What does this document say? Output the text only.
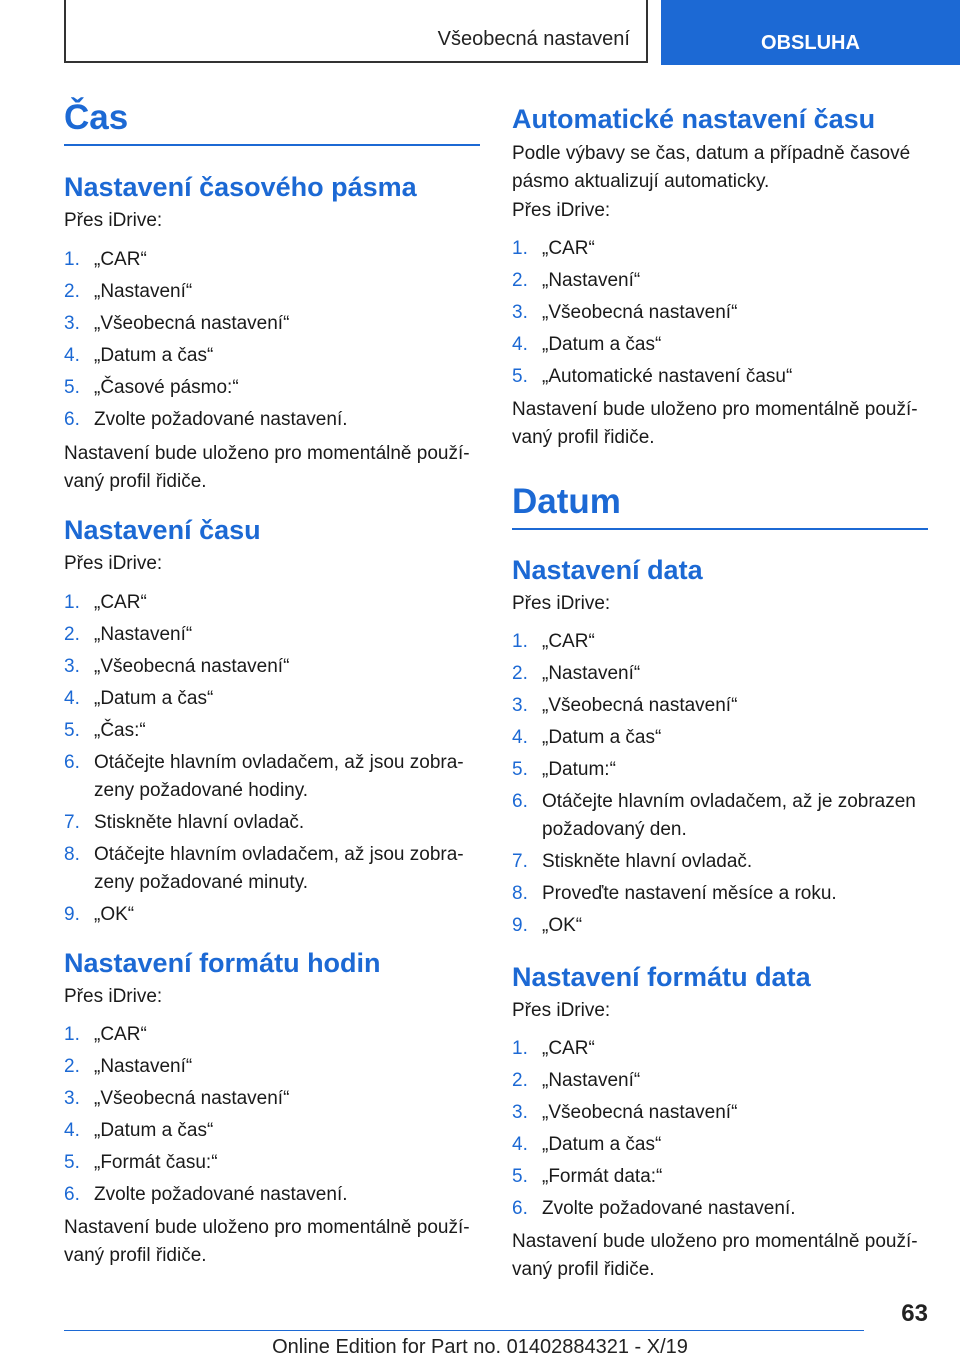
Všeobecná nastavení	OBSLUHA
Čas
Nastavení časového pásma
Přes iDrive:
1. „CAR“
2. „Nastavení“
3. „Všeobecná nastavení“
4. „Datum a čas“
5. „Časové pásmo:“
6. Zvolte požadované nastavení.
Nastavení bude uloženo pro momentálně použí‐vaný profil řidiče.
Nastavení času
Přes iDrive:
1. „CAR“
2. „Nastavení“
3. „Všeobecná nastavení“
4. „Datum a čas“
5. „Čas:“
6. Otáčejte hlavním ovladačem, až jsou zobra‐zeny požadované hodiny.
7. Stiskněte hlavní ovladač.
8. Otáčejte hlavním ovladačem, až jsou zobra‐zeny požadované minuty.
9. „OK“
Nastavení formátu hodin
Přes iDrive:
1. „CAR“
2. „Nastavení“
3. „Všeobecná nastavení“
4. „Datum a čas“
5. „Formát času:“
6. Zvolte požadované nastavení.
Nastavení bude uloženo pro momentálně použí‐vaný profil řidiče.
Automatické nastavení času
Podle výbavy se čas, datum a případně časové pásmo aktualizují automaticky.
Přes iDrive:
1. „CAR“
2. „Nastavení“
3. „Všeobecná nastavení“
4. „Datum a čas“
5. „Automatické nastavení času“
Nastavení bude uloženo pro momentálně použí‐vaný profil řidiče.
Datum
Nastavení data
Přes iDrive:
1. „CAR“
2. „Nastavení“
3. „Všeobecná nastavení“
4. „Datum a čas“
5. „Datum:“
6. Otáčejte hlavním ovladačem, až je zobrazen požadovaný den.
7. Stiskněte hlavní ovladač.
8. Proveďte nastavení měsíce a roku.
9. „OK“
Nastavení formátu data
Přes iDrive:
1. „CAR“
2. „Nastavení“
3. „Všeobecná nastavení“
4. „Datum a čas“
5. „Formát data:“
6. Zvolte požadované nastavení.
Nastavení bude uloženo pro momentálně použí‐vaný profil řidiče.
63
Online Edition for Part no. 01402884321 - X/19
